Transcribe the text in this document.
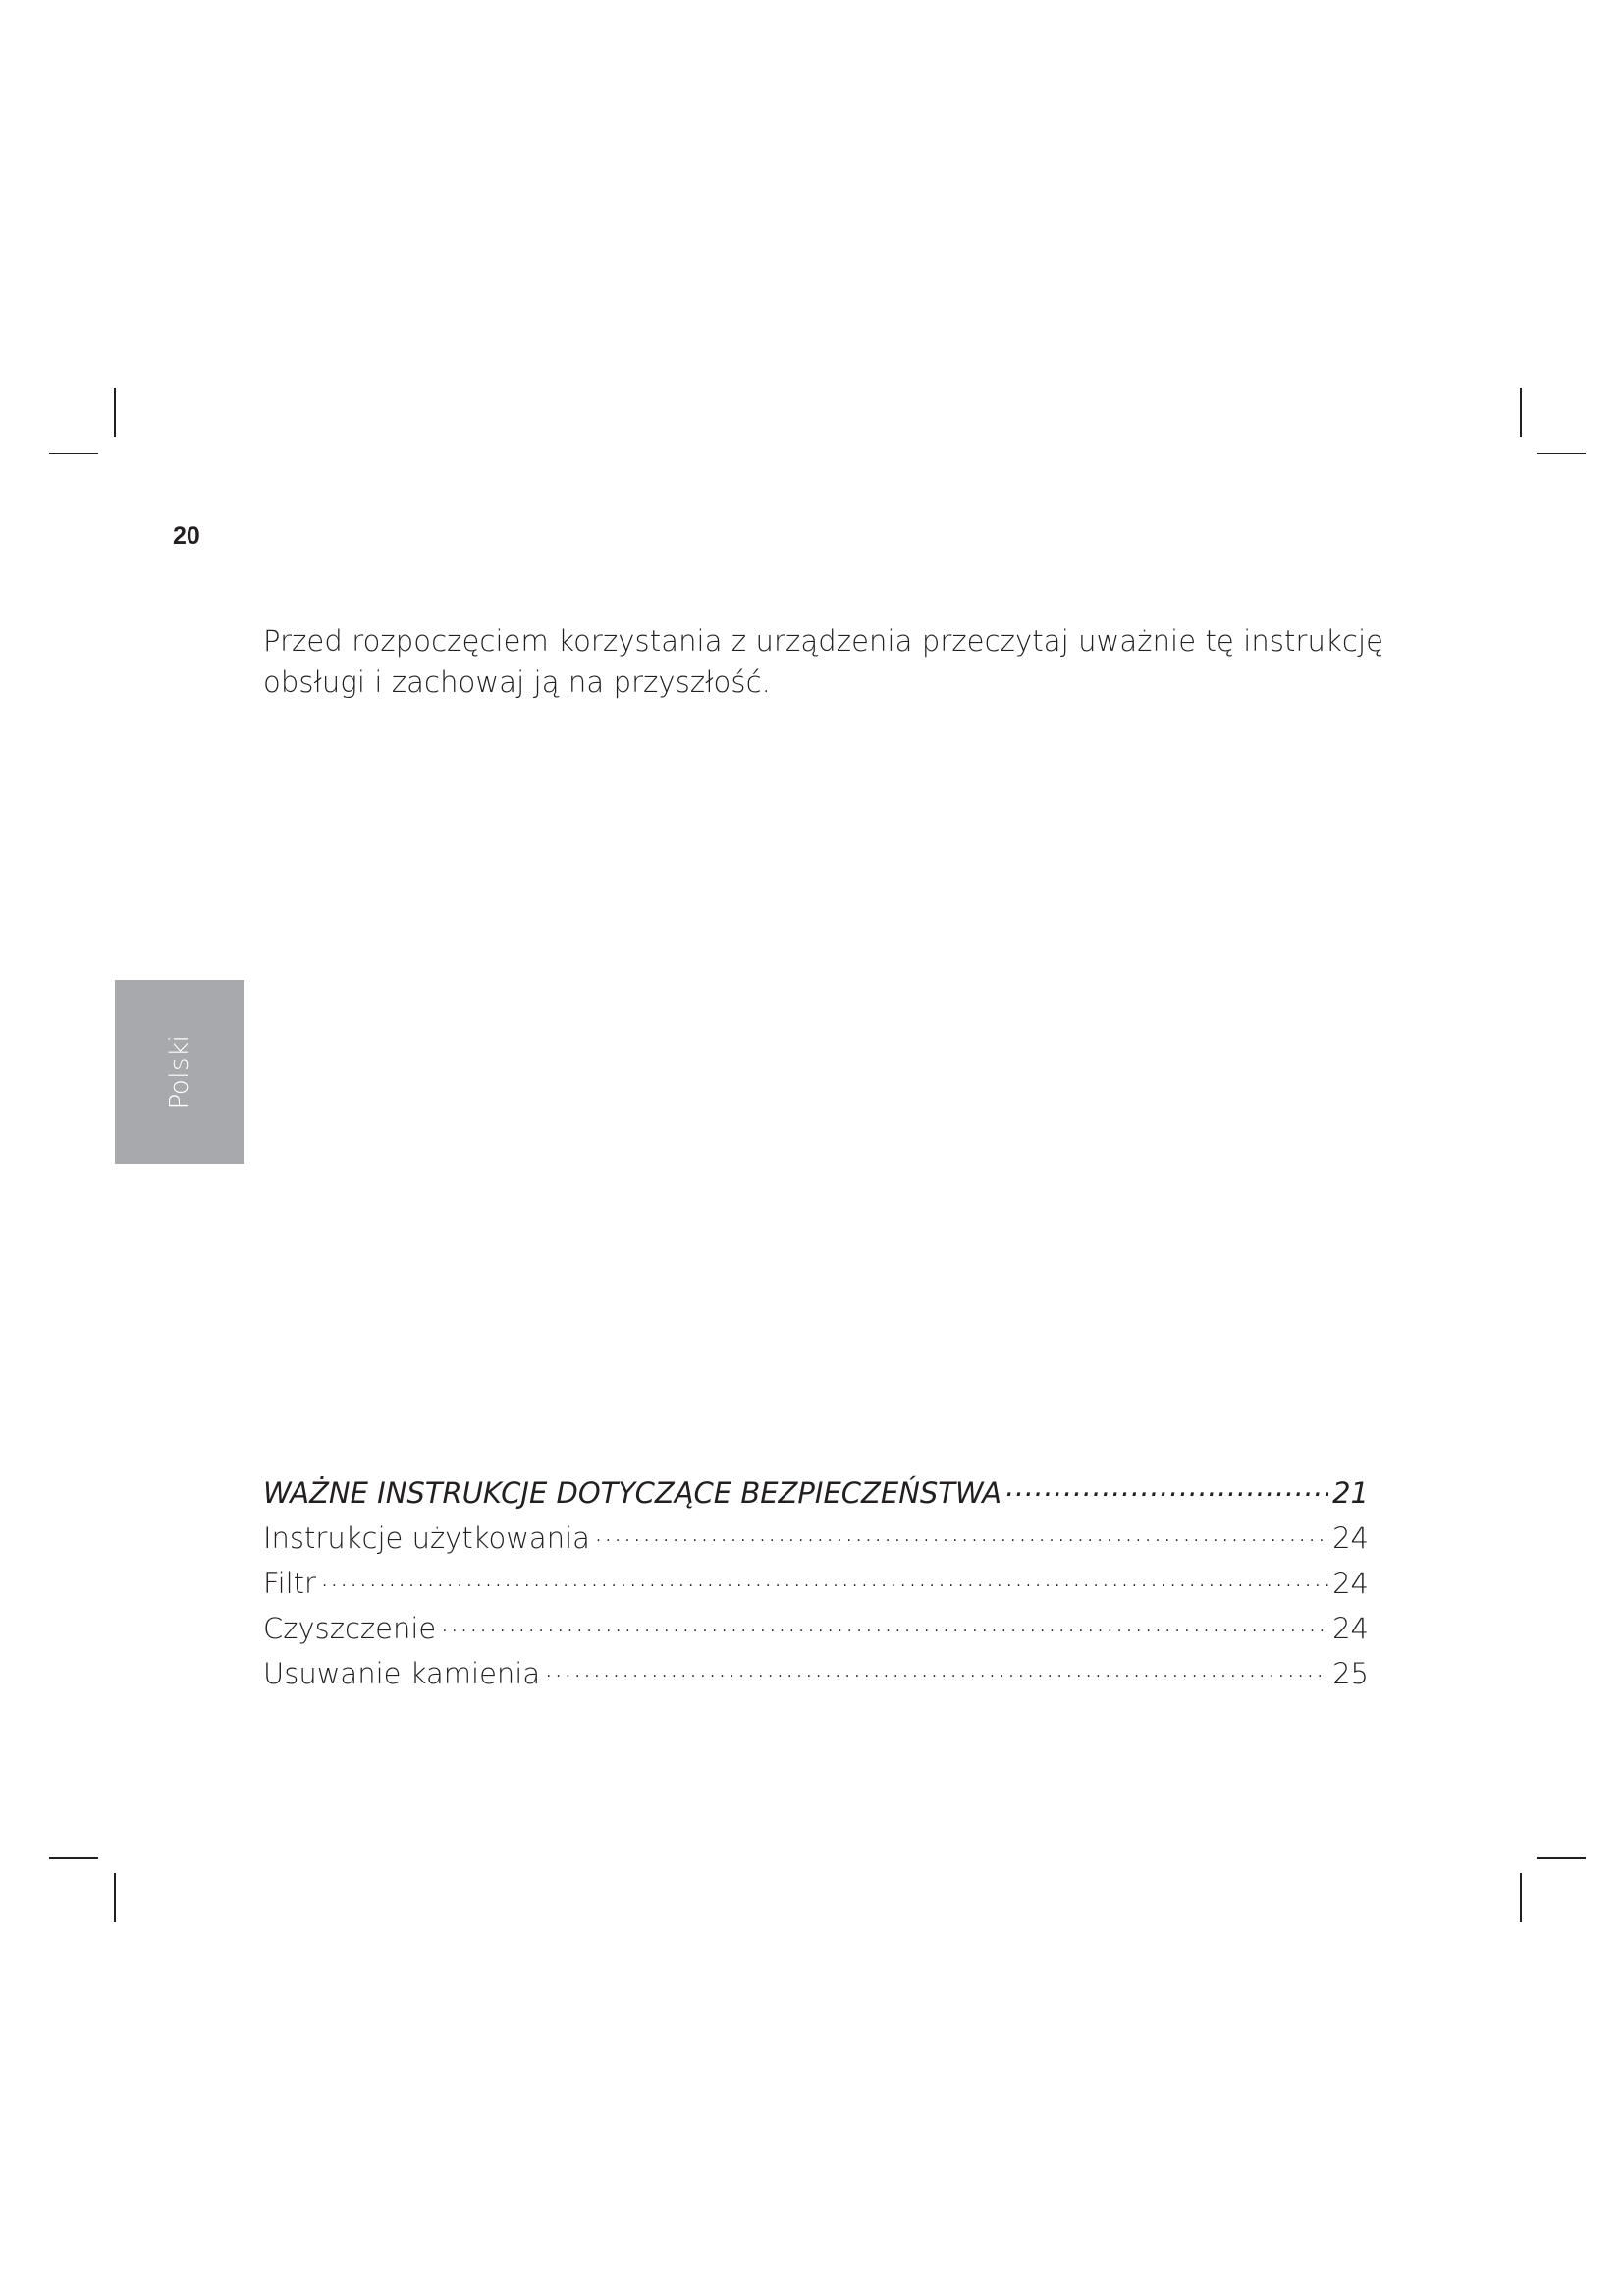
20
Przed rozpoczęciem korzystania z urządzenia przeczytaj uważnie tę instrukcję
obsługi i zachowaj ją na przyszłość.
Polski
WAŻNE INSTRUKCJE DOTYCZĄCE BEZPIECZEŃSTWA .....	21
Instrukcje użytkowania .....	24
Filtr .....	24
Czyszczenie .....	24
Usuwanie kamienia .....	25
